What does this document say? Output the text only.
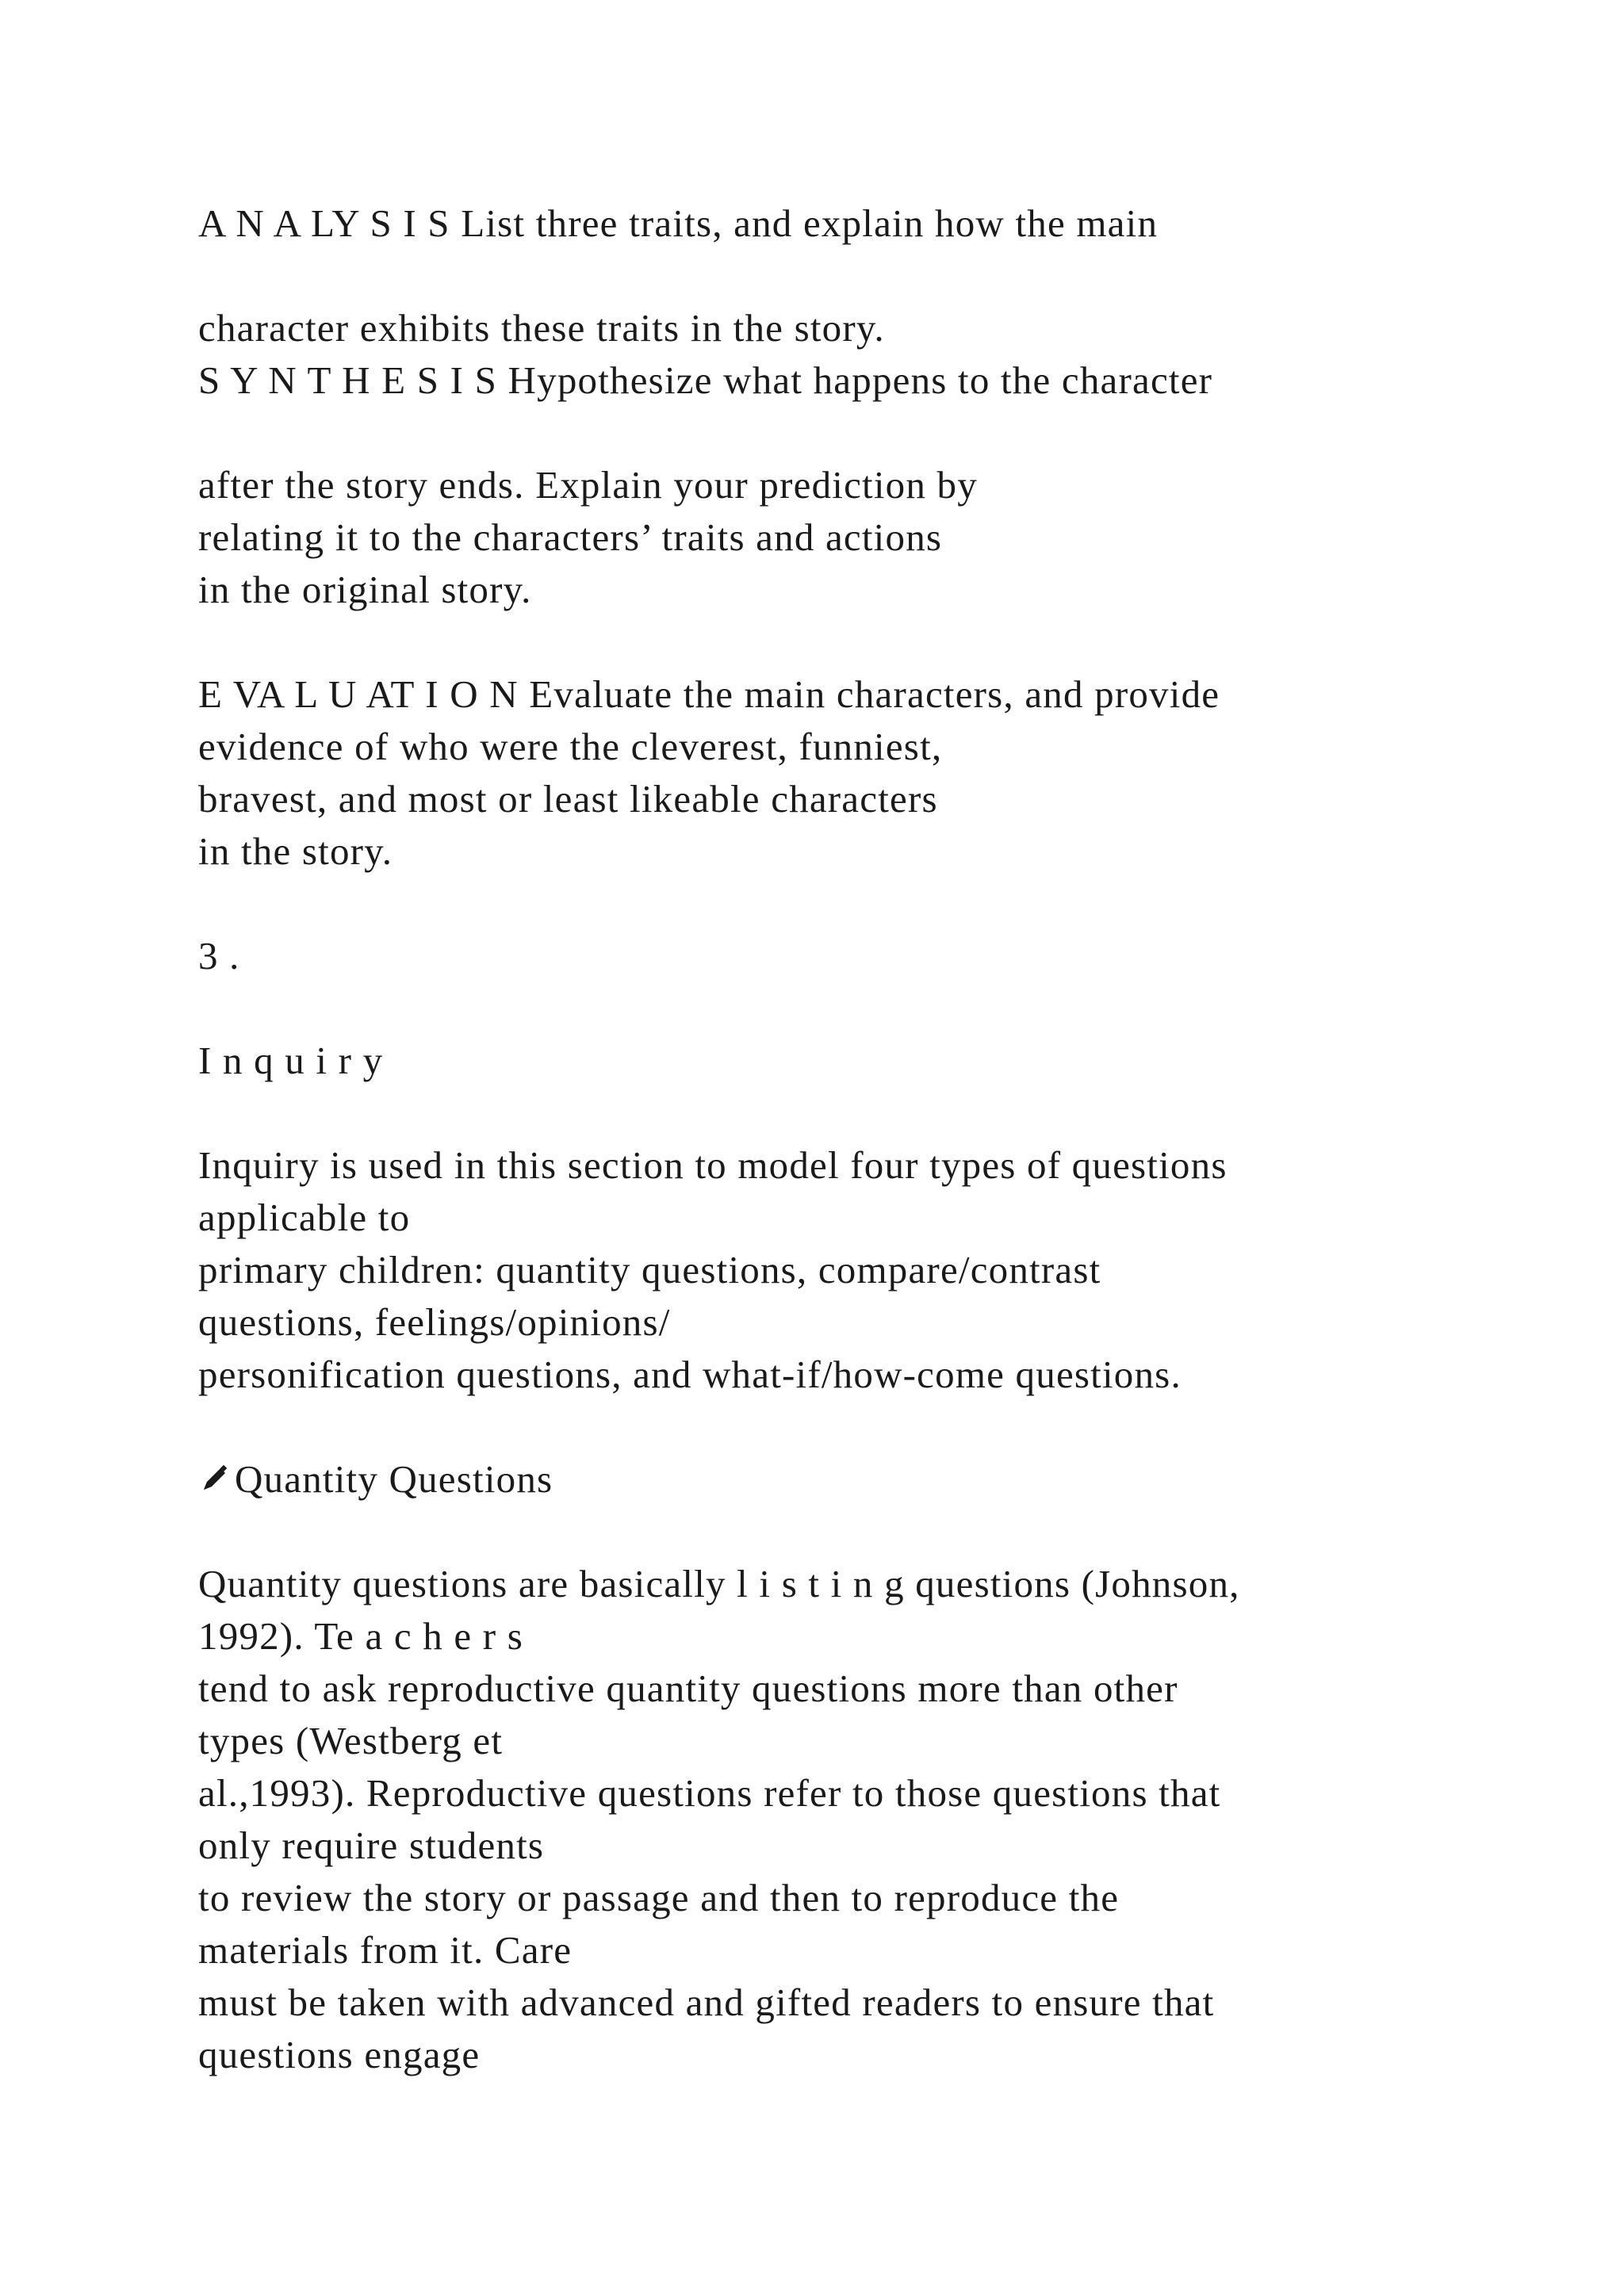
A N A LY S I S List three traits, and explain how the main

character exhibits these traits in the story.

S Y N T H E S I S Hypothesize what happens to the character

after the story ends. Explain your prediction by

relating it to the characters’ traits and actions

in the original story.

E VA L U AT I O N Evaluate the main characters, and provide

evidence of who were the cleverest, funniest,

bravest, and most or least likeable characters

in the story.

3 .

I n q u i r y

Inquiry is used in this section to model four types of questions

applicable to

primary children: quantity questions, compare/contrast

questions, feelings/opinions/

personification questions, and what-if/how-come questions.

Quantity Questions

Quantity questions are basically l i s t i n g questions (Johnson,

1992). Te a c h e r s

tend to ask reproductive quantity questions more than other

types (Westberg et

al.,1993). Reproductive questions refer to those questions that

only require students

to review the story or passage and then to reproduce the

materials from it. Care

must be taken with advanced and gifted readers to ensure that

questions engage
